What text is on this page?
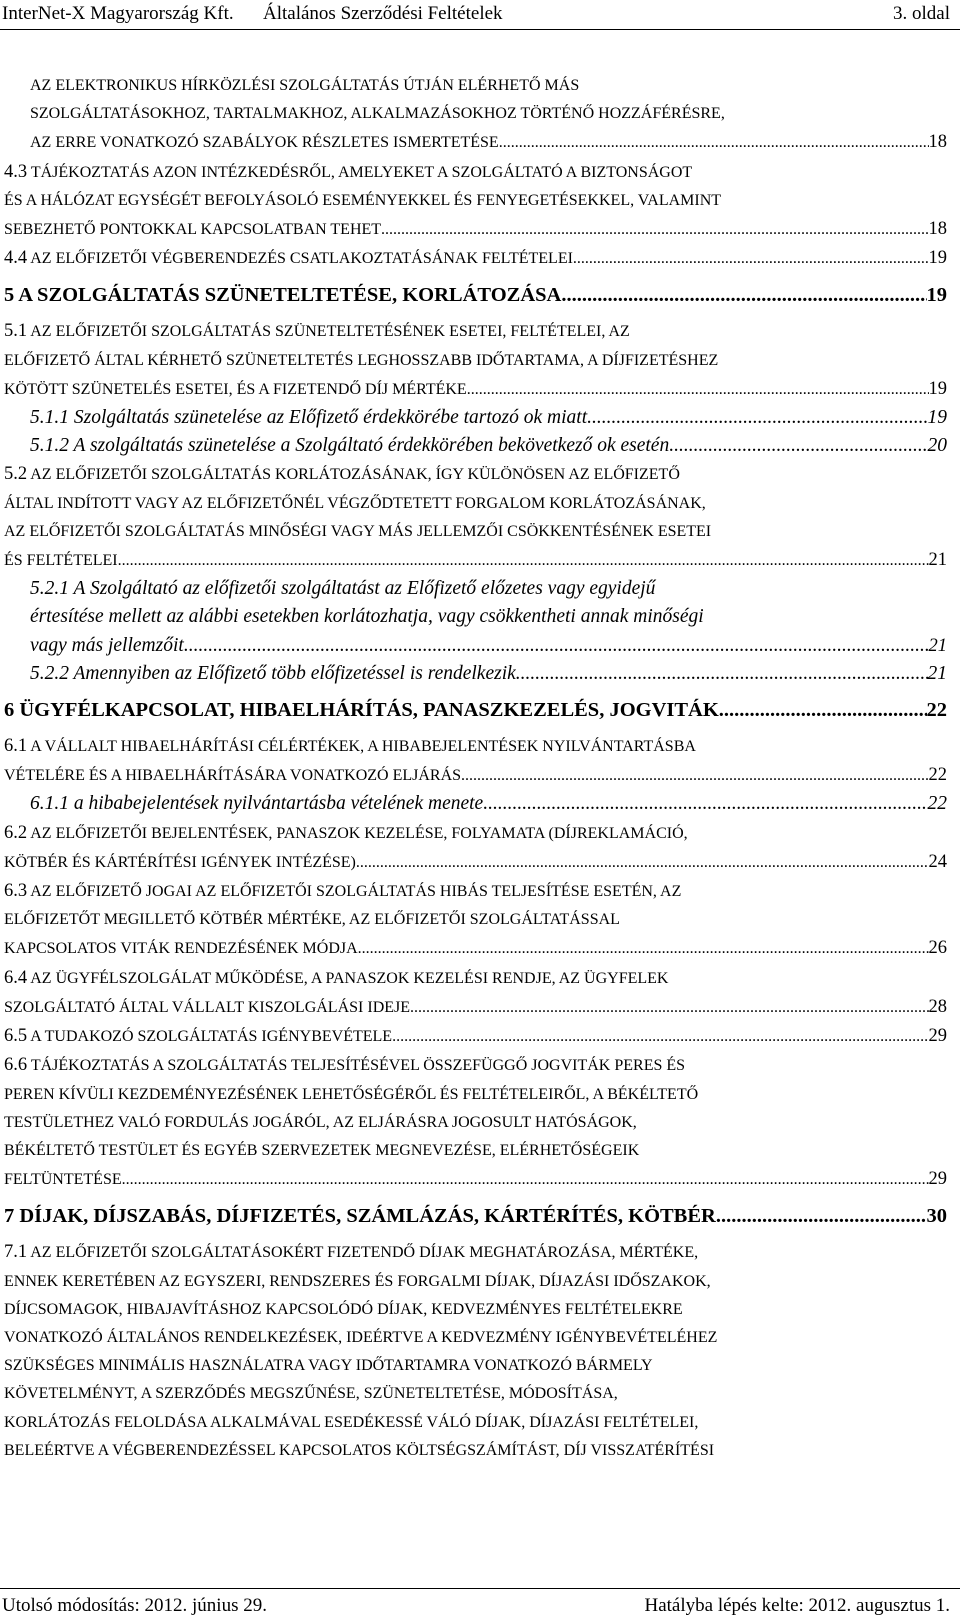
InterNet-X Magyarország Kft. Általános Szerződési Feltételek	3. oldal
AZ ELEKTRONIKUS HÍRKÖZLÉSI SZOLGÁLTATÁS ÚTJÁN ELÉRHETŐ MÁS
SZOLGÁLTATÁSOKHOZ, TARTALMAKHOZ, ALKALMAZÁSOKHOZ TÖRTÉNŐ HOZZÁFÉRÉSRE,
AZ ERRE VONATKOZÓ SZABÁLYOK RÉSZLETES ISMERTETÉSE .....	18
4.3 TÁJÉKOZTATÁS AZON INTÉZKEDÉSRŐL, AMELYEKET A SZOLGÁLTATÓ A BIZTONSÁGOT
ÉS A HÁLÓZAT EGYSÉGÉT BEFOLYÁSOLÓ ESEMÉNYEKKEL ÉS FENYEGETÉSEKKEL, VALAMINT
SEBEZHETŐ PONTOKKAL KAPCSOLATBAN TEHET .....	18
4.4 AZ ELŐFIZETŐI VÉGBERENDEZÉS CSATLAKOZTATÁSÁNAK FELTÉTELEI .....	19
5 A SZOLGÁLTATÁS SZÜNETELTETÉSE, KORLÁTOZÁSA .....	19
5.1 AZ ELŐFIZETŐI SZOLGÁLTATÁS SZÜNETELTETÉSÉNEK ESETEI, FELTÉTELEI, AZ
ELŐFIZETŐ ÁLTAL KÉRHETŐ SZÜNETELTETÉS LEGHOSSZABB IDŐTARTAMA, A DÍJFIZETÉSHEZ
KÖTÖTT SZÜNETELÉS ESETEI, ÉS A FIZETENDŐ DÍJ MÉRTÉKE .....	19
5.1.1 Szolgáltatás szünetelése az Előfizető érdekkörébe tartozó ok miatt .....	19
5.1.2 A szolgáltatás szünetelése a Szolgáltató érdekkörében bekövetkező ok esetén .....	20
5.2 AZ ELŐFIZETŐI SZOLGÁLTATÁS KORLÁTOZÁSÁNAK, ÍGY KÜLÖNÖSEN AZ ELŐFIZETŐ
ÁLTAL INDÍTOTT VAGY AZ ELŐFIZETŐNÉL VÉGZŐDTETETT FORGALOM KORLÁTOZÁSÁNAK,
AZ ELŐFIZETŐI SZOLGÁLTATÁS MINŐSÉGI VAGY MÁS JELLEMZŐI CSÖKKENTÉSÉNEK ESETEI
ÉS FELTÉTELEI .....	21
5.2.1 A Szolgáltató az előfizetői szolgáltatást az Előfizető előzetes vagy egyidejű
értesítése mellett az alábbi esetekben korlátozhatja, vagy csökkentheti annak minőségi
vagy más jellemzőit .....	21
5.2.2 Amennyiben az Előfizető több előfizetéssel is rendelkezik .....	21
6 ÜGYFÉLKAPCSOLAT, HIBAELHÁRÍTÁS, PANASZKEZELÉS, JOGVITÁK. .....	22
6.1 A VÁLLALT HIBAELHÁRÍTÁSI CÉLÉRTÉKEK, A HIBABEJELENTÉSEK NYILVÁNTARTÁSBA
VÉTELÉRE ÉS A HIBAELHÁRÍTÁSÁRA VONATKOZÓ ELJÁRÁS .....	22
6.1.1 a hibabejelentések nyilvántartásba vételének menete .....	22
6.2 AZ ELŐFIZETŐI BEJELENTÉSEK, PANASZOK KEZELÉSE, FOLYAMATA (DÍJREKLAMÁCIÓ,
KÖTBÉR ÉS KÁRTÉRÍTÉSI IGÉNYEK INTÉZÉSE) .....	24
6.3 AZ ELŐFIZETŐ JOGAI AZ ELŐFIZETŐI SZOLGÁLTATÁS HIBÁS TELJESÍTÉSE ESETÉN, AZ
ELŐFIZETŐT MEGILLETŐ KÖTBÉR MÉRTÉKE, AZ ELŐFIZETŐI SZOLGÁLTATÁSSAL
KAPCSOLATOS VITÁK RENDEZÉSÉNEK MÓDJA .....	26
6.4 AZ ÜGYFÉLSZOLGÁLAT MŰKÖDÉSE, A PANASZOK KEZELÉSI RENDJE, AZ ÜGYFELEK
SZOLGÁLTATÓ ÁLTAL VÁLLALT KISZOLGÁLÁSI IDEJE .....	28
6.5 A TUDAKOZÓ SZOLGÁLTATÁS IGÉNYBEVÉTELE .....	29
6.6 TÁJÉKOZTATÁS A SZOLGÁLTATÁS TELJESÍTÉSÉVEL ÖSSZEFÜGGŐ JOGVITÁK PERES ÉS
PEREN KÍVÜLI KEZDEMÉNYEZÉSÉNEK LEHETŐSÉGÉRŐL ÉS FELTÉTELEIRŐL, A BÉKÉLTETŐ
TESTÜLETHEZ VALÓ FORDULÁS JOGÁRÓL, AZ ELJÁRÁSRA JOGOSULT HATÓSÁGOK,
BÉKÉLTETŐ TESTÜLET ÉS EGYÉB SZERVEZETEK MEGNEVEZÉSE, ELÉRHETŐSÉGEIK
FELTÜNTETÉSE .....	29
7 DÍJAK, DÍJSZABÁS, DÍJFIZETÉS, SZÁMLÁZÁS, KÁRTÉRÍTÉS, KÖTBÉR .....	30
7.1 AZ ELŐFIZETŐI SZOLGÁLTATÁSOKÉRT FIZETENDŐ DÍJAK MEGHATÁROZÁSA, MÉRTÉKE,
ENNEK KERETÉBEN AZ EGYSZERI, RENDSZERES ÉS FORGALMI DÍJAK, DÍJAZÁSI IDŐSZAKOK,
DÍJCSOMAGOK, HIBAJAVÍTÁSHOZ KAPCSOLÓDÓ DÍJAK, KEDVEZMÉNYES FELTÉTELEKRE
VONATKOZÓ ÁLTALÁNOS RENDELKEZÉSEK, IDEÉRTVE A KEDVEZMÉNY IGÉNYBEVÉTELÉHEZ
SZÜKSÉGES MINIMÁLIS HASZNÁLATRA VAGY IDŐTARTAMRA VONATKOZÓ BÁRMELY
KÖVETELMÉNYT, A SZERZŐDÉS MEGSZŰNÉSE, SZÜNETELTETÉSE, MÓDOSÍTÁSA,
KORLÁTOZÁS FELOLDÁSA ALKALMÁVAL ESEDÉKESSÉ VÁLÓ DÍJAK, DÍJAZÁSI FELTÉTELEI,
BELEÉRTVE A VÉGBERENDEZÉSSEL KAPCSOLATOS KÖLTSÉGSZÁMÍTÁST, DÍJ VISSZATÉRÍTÉSI
Utolsó módosítás: 2012. június 29.	Hatályba lépés kelte: 2012. augusztus 1.
